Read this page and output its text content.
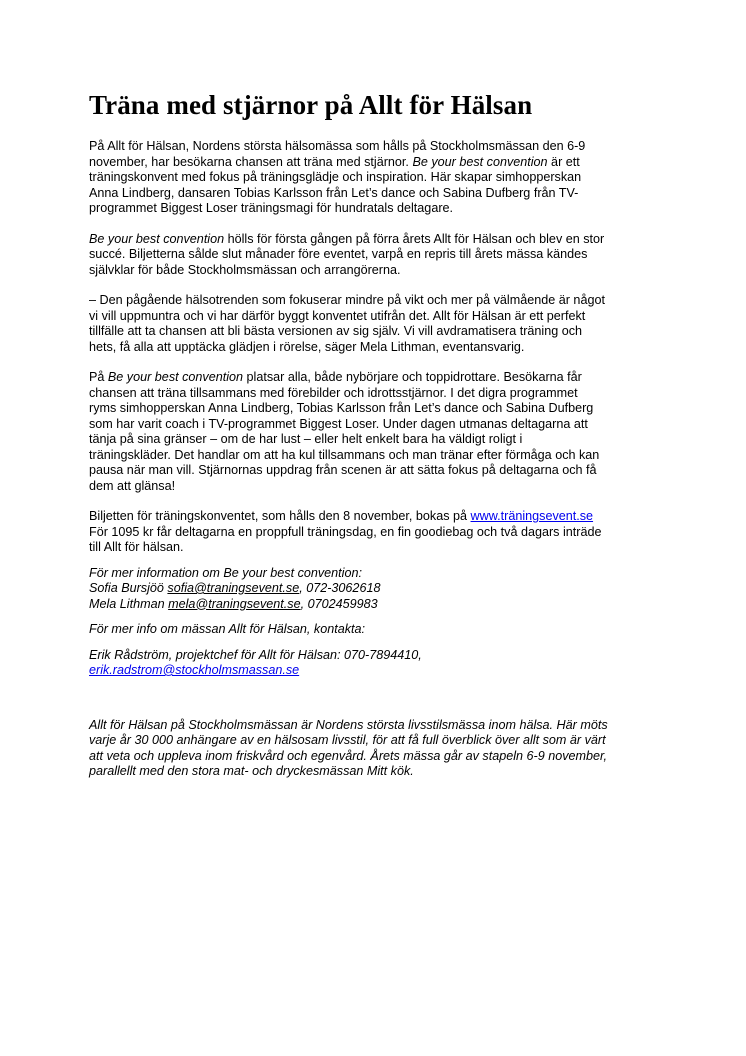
Träna med stjärnor på Allt för Hälsan

På Allt för Hälsan, Nordens största hälsomässa som hålls på Stockholmsmässan den 6-9
november, har besökarna chansen att träna med stjärnor. Be your best convention är ett
träningskonvent med fokus på träningsglädje och inspiration. Här skapar simhopperskan
Anna Lindberg, dansaren Tobias Karlsson från Let’s dance och Sabina Dufberg från TV-
programmet Biggest Loser träningsmagi för hundratals deltagare.

Be your best convention hölls för första gången på förra årets Allt för Hälsan och blev en stor
succé. Biljetterna sålde slut månader före eventet, varpå en repris till årets mässa kändes
självklar för både Stockholmsmässan och arrangörerna.

– Den pågående hälsotrenden som fokuserar mindre på vikt och mer på välmående är något
vi vill uppmuntra och vi har därför byggt konventet utifrån det. Allt för Hälsan är ett perfekt
tillfälle att ta chansen att bli bästa versionen av sig själv. Vi vill avdramatisera träning och
hets, få alla att upptäcka glädjen i rörelse, säger Mela Lithman, eventansvarig.

På Be your best convention platsar alla, både nybörjare och toppidrottare. Besökarna får
chansen att träna tillsammans med förebilder och idrottsstjärnor. I det digra programmet
ryms simhopperskan Anna Lindberg, Tobias Karlsson från Let’s dance och Sabina Dufberg
som har varit coach i TV-programmet Biggest Loser. Under dagen utmanas deltagarna att
tänja på sina gränser – om de har lust – eller helt enkelt bara ha väldigt roligt i
träningskläder. Det handlar om att ha kul tillsammans och man tränar efter förmåga och kan
pausa när man vill. Stjärnornas uppdrag från scenen är att sätta fokus på deltagarna och få
dem att glänsa!

Biljetten för träningskonventet, som hålls den 8 november, bokas på www.träningsevent.se
För 1095 kr får deltagarna en proppfull träningsdag, en fin goodiebag och två dagars inträde
till Allt för hälsan.

För mer information om Be your best convention:
Sofia Bursjöö sofia@traningsevent.se, 072-3062618
Mela Lithman mela@traningsevent.se, 0702459983

För mer info om mässan Allt för Hälsan, kontakta:

Erik Rådström, projektchef för Allt för Hälsan: 070-7894410,
erik.radstrom@stockholmsmassan.se

Allt för Hälsan på Stockholmsmässan är Nordens största livsstilsmässa inom hälsa. Här möts
varje år 30 000 anhängare av en hälsosam livsstil, för att få full överblick över allt som är värt
att veta och uppleva inom friskvård och egenvård. Årets mässa går av stapeln 6-9 november,
parallellt med den stora mat- och dryckesmässan Mitt kök.
